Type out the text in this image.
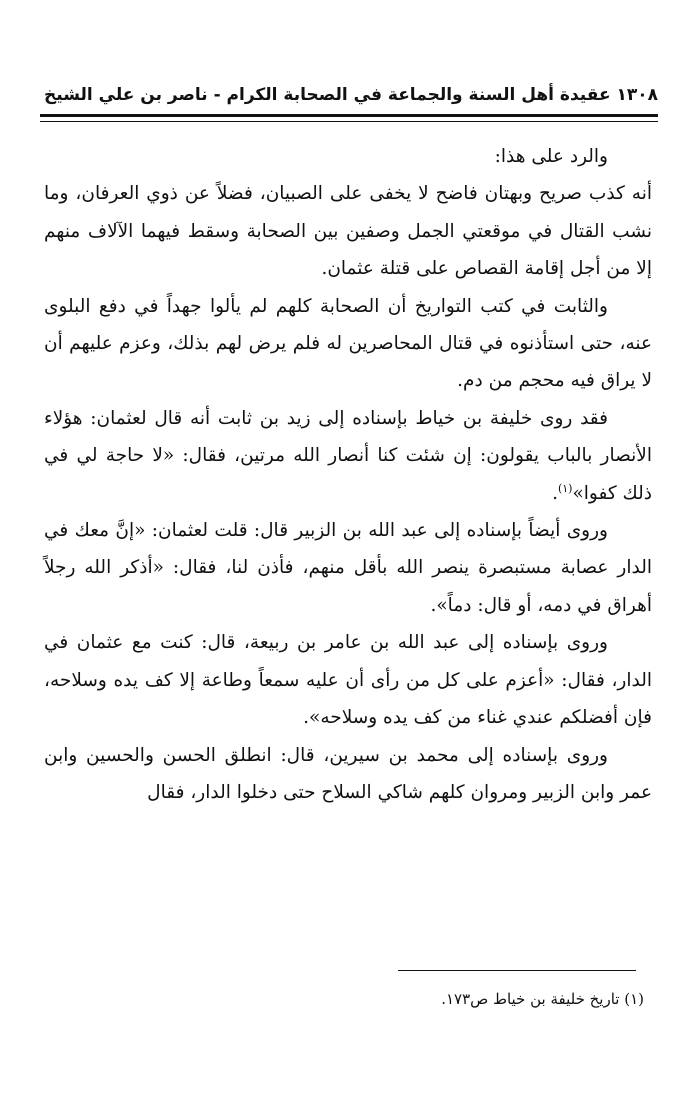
١٣٠٨ عقيدة أهل السنة والجماعة في الصحابة الكرام - ناصر بن علي الشيخ

والرد على هذا:

أنه كذب صريح وبهتان فاضح لا يخفى على الصبيان، فضلاً عن ذوي العرفان، وما نشب القتال في موقعتي الجمل وصفين بين الصحابة وسقط فيهما الآلاف منهم إلا من أجل إقامة القصاص على قتلة عثمان.

والثابت في كتب التواريخ أن الصحابة كلهم لم يألوا جهداً في دفع البلوى عنه، حتى استأذنوه في قتال المحاصرين له فلم يرض لهم بذلك، وعزم عليهم أن لا يراق فيه محجم من دم.

فقد روى خليفة بن خياط بإسناده إلى زيد بن ثابت أنه قال لعثمان: هؤلاء الأنصار بالباب يقولون: إن شئت كنا أنصار الله مرتين، فقال: «لا حاجة لي في ذلك كفوا»$^{(١)}$.

وروى أيضاً بإسناده إلى عبد الله بن الزبير قال: قلت لعثمان: «إنَّ معك في الدار عصابة مستبصرة ينصر الله بأقل منهم، فأذن لنا، فقال: «أذكر الله رجلاً أهراق في دمه، أو قال: دماً».

وروى بإسناده إلى عبد الله بن عامر بن ربيعة، قال: كنت مع عثمان في الدار، فقال: «أعزم على كل من رأى أن عليه سمعاً وطاعة إلا كف يده وسلاحه، فإن أفضلكم عندي غناء من كف يده وسلاحه».

وروى بإسناده إلى محمد بن سيرين، قال: انطلق الحسن والحسين وابن عمر وابن الزبير ومروان كلهم شاكي السلاح حتى دخلوا الدار، فقال

(١) تاريخ خليفة بن خياط ص١٧٣.
